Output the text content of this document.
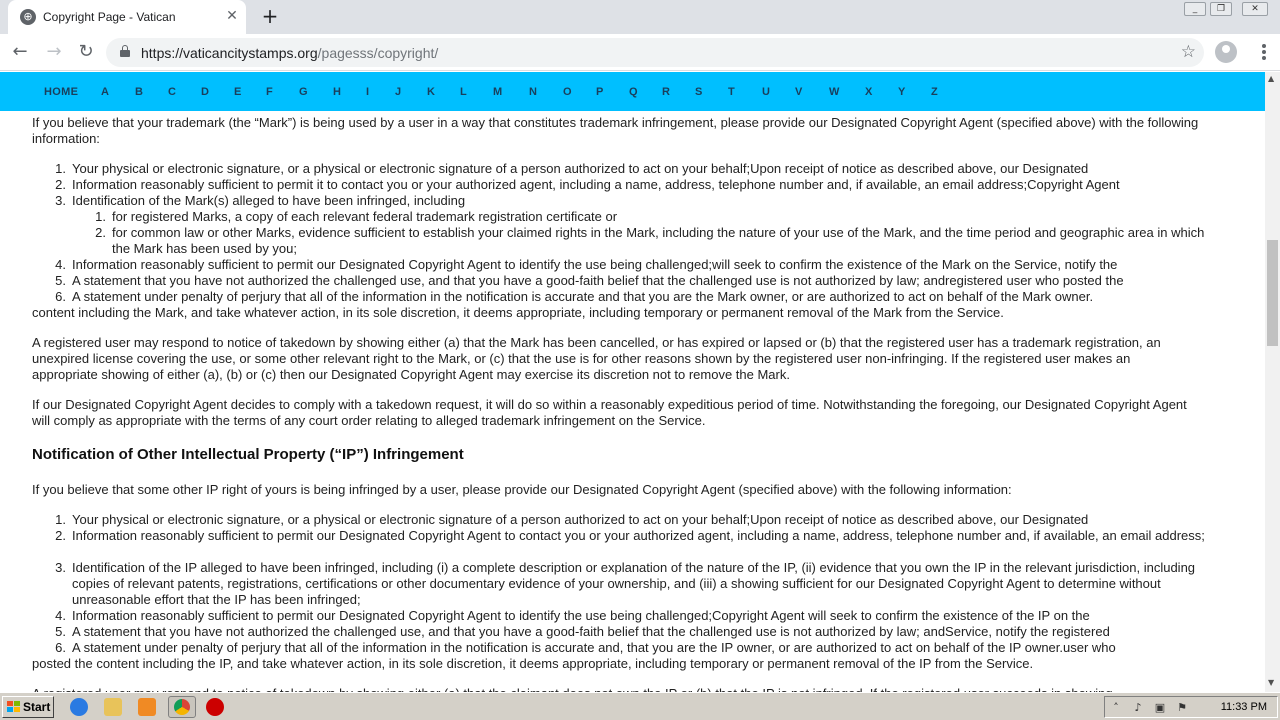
⊕ Copyright Page - Vatican	✕ +	_	❐	✕
← → ↻	https://vaticancitystamps.org/pagesss/copyright/	☆
HOME A B C D E F G H I J K L M N O P Q R S T U V W X Y Z
▲
▼

If you believe that your trademark (the “Mark”) is being used by a user in a way that constitutes trademark infringement, please provide our Designated Copyright Agent (specified above) with the following information:

1. Your physical or electronic signature, or a physical or electronic signature of a person authorized to act on your behalf;Upon receipt of notice as described above, our Designated
2. Information reasonably sufficient to permit it to contact you or your authorized agent, including a name, address, telephone number and, if available, an email address;Copyright Agent
3. Identification of the Mark(s) alleged to have been infringed, including
1. for registered Marks, a copy of each relevant federal trademark registration certificate or
2. for common law or other Marks, evidence sufficient to establish your claimed rights in the Mark, including the nature of your use of the Mark, and the time period and geographic area in which the Mark has been used by you;
4. Information reasonably sufficient to permit our Designated Copyright Agent to identify the use being challenged;will seek to confirm the existence of the Mark on the Service, notify the
5. A statement that you have not authorized the challenged use, and that you have a good-faith belief that the challenged use is not authorized by law; andregistered user who posted the
6. A statement under penalty of perjury that all of the information in the notification is accurate and that you are the Mark owner, or are authorized to act on behalf of the Mark owner.

content including the Mark, and take whatever action, in its sole discretion, it deems appropriate, including temporary or permanent removal of the Mark from the Service.

A registered user may respond to notice of takedown by showing either (a) that the Mark has been cancelled, or has expired or lapsed or (b) that the registered user has a trademark registration, an unexpired license covering the use, or some other relevant right to the Mark, or (c) that the use is for other reasons shown by the registered user non-infringing. If the registered user makes an appropriate showing of either (a), (b) or (c) then our Designated Copyright Agent may exercise its discretion not to remove the Mark.

If our Designated Copyright Agent decides to comply with a takedown request, it will do so within a reasonably expeditious period of time. Notwithstanding the foregoing, our Designated Copyright Agent will comply as appropriate with the terms of any court order relating to alleged trademark infringement on the Service.

Notification of Other Intellectual Property (“IP”) Infringement

If you believe that some other IP right of yours is being infringed by a user, please provide our Designated Copyright Agent (specified above) with the following information:

1. Your physical or electronic signature, or a physical or electronic signature of a person authorized to act on your behalf;Upon receipt of notice as described above, our Designated
2. Information reasonably sufficient to permit our Designated Copyright Agent to contact you or your authorized agent, including a name, address, telephone number and, if available, an email address;
3. Identification of the IP alleged to have been infringed, including (i) a complete description or explanation of the nature of the IP, (ii) evidence that you own the IP in the relevant jurisdiction, including copies of relevant patents, registrations, certifications or other documentary evidence of your ownership, and (iii) a showing sufficient for our Designated Copyright Agent to determine without unreasonable effort that the IP has been infringed;
4. Information reasonably sufficient to permit our Designated Copyright Agent to identify the use being challenged;Copyright Agent will seek to confirm the existence of the IP on the
5. A statement that you have not authorized the challenged use, and that you have a good-faith belief that the challenged use is not authorized by law; andService, notify the registered
6. A statement under penalty of perjury that all of the information in the notification is accurate and, that you are the IP owner, or are authorized to act on behalf of the IP owner.user who

posted the content including the IP, and take whatever action, in its sole discretion, it deems appropriate, including temporary or permanent removal of the IP from the Service.

Start	˄	♪	▣ ⚑	11:33 PM
